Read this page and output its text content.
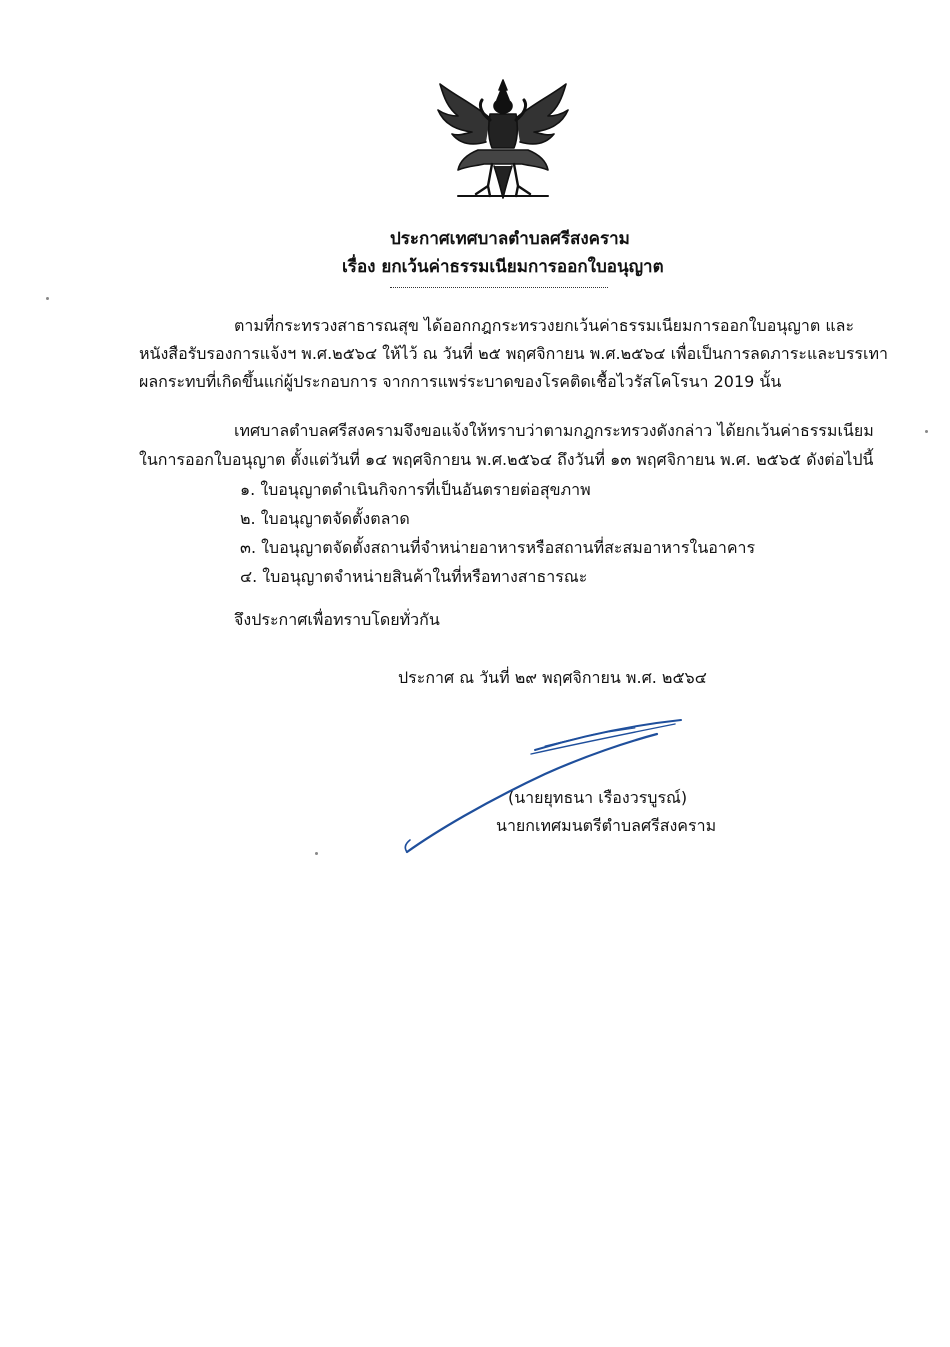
ประกาศเทศบาลตำบลศรีสงคราม
เรื่อง ยกเว้นค่าธรรมเนียมการออกใบอนุญาต
ตามที่กระทรวงสาธารณสุข ได้ออกกฎกระทรวงยกเว้นค่าธรรมเนียมการออกใบอนุญาต และ
หนังสือรับรองการแจ้งฯ พ.ศ.๒๕๖๔ ให้ไว้ ณ วันที่ ๒๕ พฤศจิกายน พ.ศ.๒๕๖๔ เพื่อเป็นการลดภาระและบรรเทา
ผลกระทบที่เกิดขึ้นแก่ผู้ประกอบการ จากการแพร่ระบาดของโรคติดเชื้อไวรัสโคโรนา 2019 นั้น
เทศบาลตำบลศรีสงครามจึงขอแจ้งให้ทราบว่าตามกฎกระทรวงดังกล่าว ได้ยกเว้นค่าธรรมเนียม
ในการออกใบอนุญาต ตั้งแต่วันที่ ๑๔ พฤศจิกายน พ.ศ.๒๕๖๔ ถึงวันที่ ๑๓ พฤศจิกายน พ.ศ. ๒๕๖๕ ดังต่อไปนี้
๑. ใบอนุญาตดำเนินกิจการที่เป็นอันตรายต่อสุขภาพ
๒. ใบอนุญาตจัดตั้งตลาด
๓. ใบอนุญาตจัดตั้งสถานที่จำหน่ายอาหารหรือสถานที่สะสมอาหารในอาคาร
๔. ใบอนุญาตจำหน่ายสินค้าในที่หรือทางสาธารณะ
จึงประกาศเพื่อทราบโดยทั่วกัน
ประกาศ ณ วันที่ ๒๙ พฤศจิกายน พ.ศ. ๒๕๖๔
(นายยุทธนา เรืองวรบูรณ์)
นายกเทศมนตรีตำบลศรีสงคราม
